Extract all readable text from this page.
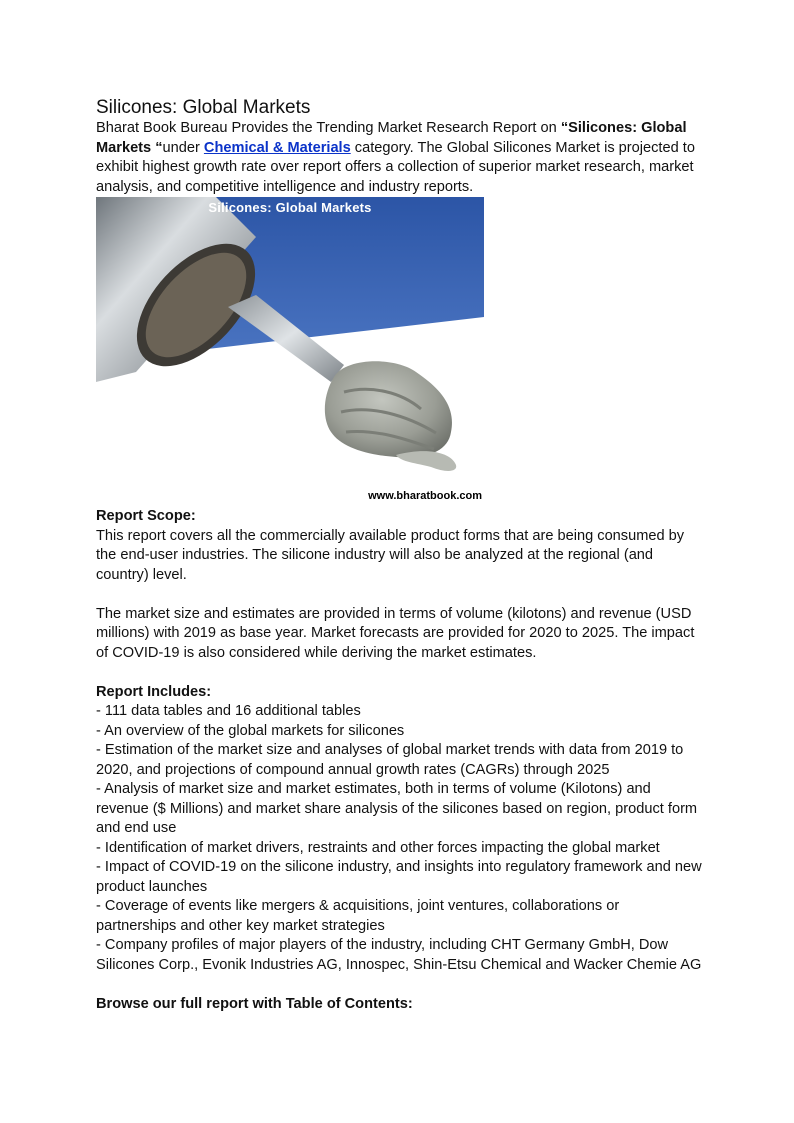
Silicones: Global Markets

Bharat Book Bureau Provides the Trending Market Research Report on “Silicones: Global Markets “under Chemical & Materials category. The Global Silicones Market is projected to exhibit highest growth rate over report offers a collection of superior market research, market analysis, and competitive intelligence and industry reports.

Silicones: Global Markets
www.bharatbook.com

Report Scope:

This report covers all the commercially available product forms that are being consumed by the end-user industries. The silicone industry will also be analyzed at the regional (and country) level.

The market size and estimates are provided in terms of volume (kilotons) and revenue (USD millions) with 2019 as base year. Market forecasts are provided for 2020 to 2025. The impact of COVID-19 is also considered while deriving the market estimates.

Report Includes:

- 111 data tables and 16 additional tables
- An overview of the global markets for silicones
- Estimation of the market size and analyses of global market trends with data from 2019 to 2020, and projections of compound annual growth rates (CAGRs) through 2025
- Analysis of market size and market estimates, both in terms of volume (Kilotons) and revenue ($ Millions) and market share analysis of the silicones based on region, product form and end use
- Identification of market drivers, restraints and other forces impacting the global market
- Impact of COVID-19 on the silicone industry, and insights into regulatory framework and new product launches
- Coverage of events like mergers & acquisitions, joint ventures, collaborations or partnerships and other key market strategies
- Company profiles of major players of the industry, including CHT Germany GmbH, Dow Silicones Corp., Evonik Industries AG, Innospec, Shin-Etsu Chemical and Wacker Chemie AG

Browse our full report with Table of Contents:
